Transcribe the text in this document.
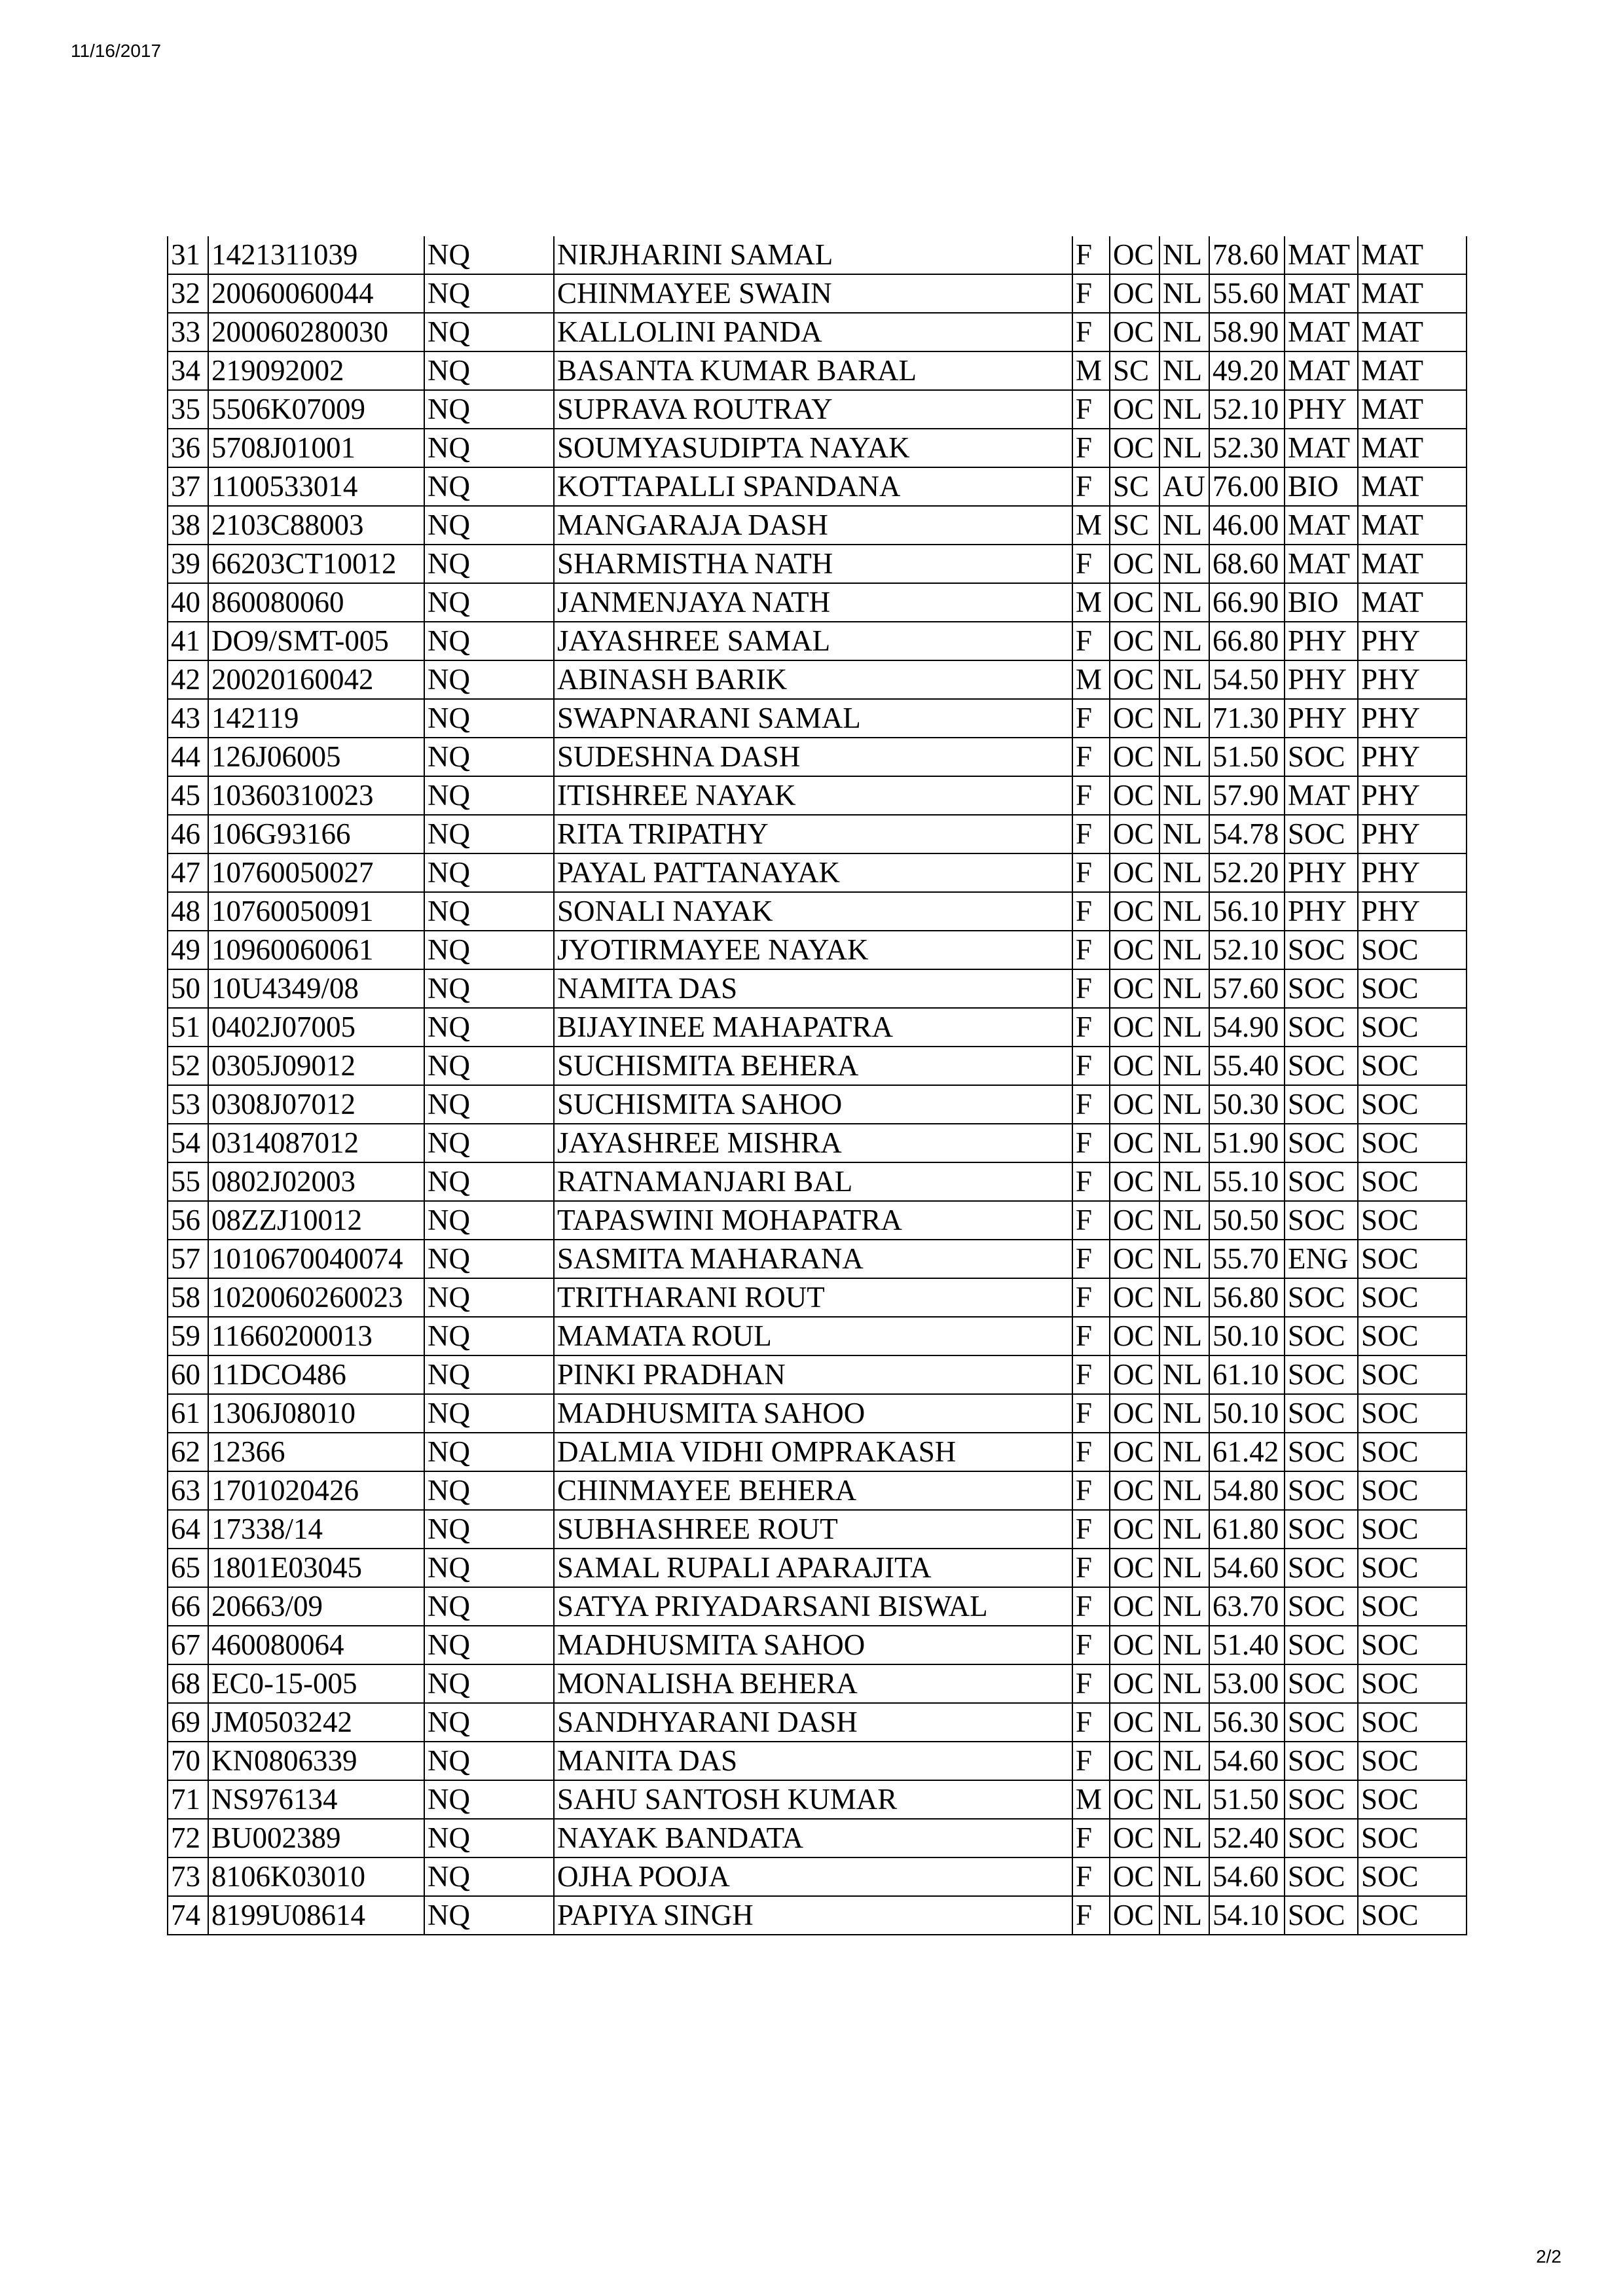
11/16/2017
31	1421311039	NQ	NIRJHARINI SAMAL	F	OC	NL	78.60	MAT	MAT
32	20060060044	NQ	CHINMAYEE SWAIN	F	OC	NL	55.60	MAT	MAT
33	200060280030	NQ	KALLOLINI PANDA	F	OC	NL	58.90	MAT	MAT
34	219092002	NQ	BASANTA KUMAR BARAL	M	SC	NL	49.20	MAT	MAT
35	5506K07009	NQ	SUPRAVA ROUTRAY	F	OC	NL	52.10	PHY	MAT
36	5708J01001	NQ	SOUMYASUDIPTA NAYAK	F	OC	NL	52.30	MAT	MAT
37	1100533014	NQ	KOTTAPALLI SPANDANA	F	SC	AU	76.00	BIO	MAT
38	2103C88003	NQ	MANGARAJA DASH	M	SC	NL	46.00	MAT	MAT
39	66203CT10012	NQ	SHARMISTHA NATH	F	OC	NL	68.60	MAT	MAT
40	860080060	NQ	JANMENJAYA NATH	M	OC	NL	66.90	BIO	MAT
41	DO9/SMT-005	NQ	JAYASHREE SAMAL	F	OC	NL	66.80	PHY	PHY
42	20020160042	NQ	ABINASH BARIK	M	OC	NL	54.50	PHY	PHY
43	142119	NQ	SWAPNARANI SAMAL	F	OC	NL	71.30	PHY	PHY
44	126J06005	NQ	SUDESHNA DASH	F	OC	NL	51.50	SOC	PHY
45	10360310023	NQ	ITISHREE NAYAK	F	OC	NL	57.90	MAT	PHY
46	106G93166	NQ	RITA TRIPATHY	F	OC	NL	54.78	SOC	PHY
47	10760050027	NQ	PAYAL PATTANAYAK	F	OC	NL	52.20	PHY	PHY
48	10760050091	NQ	SONALI NAYAK	F	OC	NL	56.10	PHY	PHY
49	10960060061	NQ	JYOTIRMAYEE NAYAK	F	OC	NL	52.10	SOC	SOC
50	10U4349/08	NQ	NAMITA DAS	F	OC	NL	57.60	SOC	SOC
51	0402J07005	NQ	BIJAYINEE MAHAPATRA	F	OC	NL	54.90	SOC	SOC
52	0305J09012	NQ	SUCHISMITA BEHERA	F	OC	NL	55.40	SOC	SOC
53	0308J07012	NQ	SUCHISMITA SAHOO	F	OC	NL	50.30	SOC	SOC
54	0314087012	NQ	JAYASHREE MISHRA	F	OC	NL	51.90	SOC	SOC
55	0802J02003	NQ	RATNAMANJARI BAL	F	OC	NL	55.10	SOC	SOC
56	08ZZJ10012	NQ	TAPASWINI MOHAPATRA	F	OC	NL	50.50	SOC	SOC
57	1010670040074	NQ	SASMITA MAHARANA	F	OC	NL	55.70	ENG	SOC
58	1020060260023	NQ	TRITHARANI ROUT	F	OC	NL	56.80	SOC	SOC
59	11660200013	NQ	MAMATA ROUL	F	OC	NL	50.10	SOC	SOC
60	11DCO486	NQ	PINKI PRADHAN	F	OC	NL	61.10	SOC	SOC
61	1306J08010	NQ	MADHUSMITA SAHOO	F	OC	NL	50.10	SOC	SOC
62	12366	NQ	DALMIA VIDHI OMPRAKASH	F	OC	NL	61.42	SOC	SOC
63	1701020426	NQ	CHINMAYEE BEHERA	F	OC	NL	54.80	SOC	SOC
64	17338/14	NQ	SUBHASHREE ROUT	F	OC	NL	61.80	SOC	SOC
65	1801E03045	NQ	SAMAL RUPALI APARAJITA	F	OC	NL	54.60	SOC	SOC
66	20663/09	NQ	SATYA PRIYADARSANI BISWAL	F	OC	NL	63.70	SOC	SOC
67	460080064	NQ	MADHUSMITA SAHOO	F	OC	NL	51.40	SOC	SOC
68	EC0-15-005	NQ	MONALISHA BEHERA	F	OC	NL	53.00	SOC	SOC
69	JM0503242	NQ	SANDHYARANI DASH	F	OC	NL	56.30	SOC	SOC
70	KN0806339	NQ	MANITA DAS	F	OC	NL	54.60	SOC	SOC
71	NS976134	NQ	SAHU SANTOSH KUMAR	M	OC	NL	51.50	SOC	SOC
72	BU002389	NQ	NAYAK BANDATA	F	OC	NL	52.40	SOC	SOC
73	8106K03010	NQ	OJHA POOJA	F	OC	NL	54.60	SOC	SOC
74	8199U08614	NQ	PAPIYA SINGH	F	OC	NL	54.10	SOC	SOC
2/2
